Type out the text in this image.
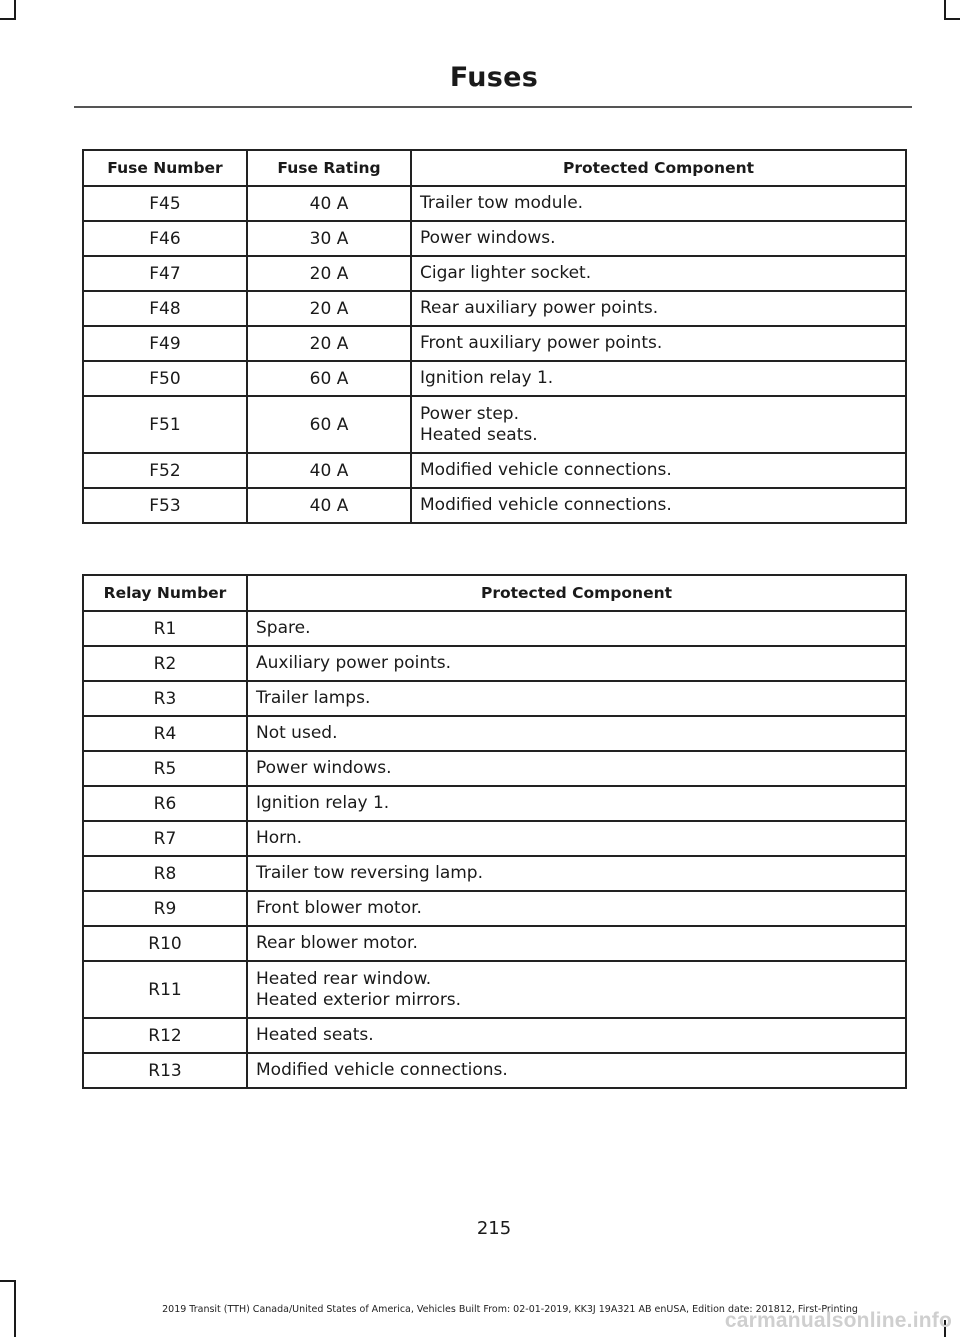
Fuses
Fuse Number	Fuse Rating	Protected Component
F45	40 A	Trailer tow module.

F46	30 A	Power windows.

F47	20 A	Cigar lighter socket.

F48	20 A	Rear auxiliary power points.

F49	20 A	Front auxiliary power points.

F50	60 A	Ignition relay 1.

F51	60 A	Power step.
Heated seats.

F52	40 A	Modified vehicle connections.

F53	40 A	Modified vehicle connections.
Relay Number	Protected Component
R1	Spare.

R2	Auxiliary power points.

R3	Trailer lamps.

R4	Not used.

R5	Power windows.

R6	Ignition relay 1.

R7	Horn.

R8	Trailer tow reversing lamp.

R9	Front blower motor.

R10	Rear blower motor.

R11	Heated rear window.
Heated exterior mirrors.

R12	Heated seats.

R13	Modified vehicle connections.
215
2019 Transit (TTH) Canada/United States of America, Vehicles Built From: 02-01-2019, KK3J 19A321 AB enUSA, Edition date: 201812, First-Printing
carmanualsonline.info
